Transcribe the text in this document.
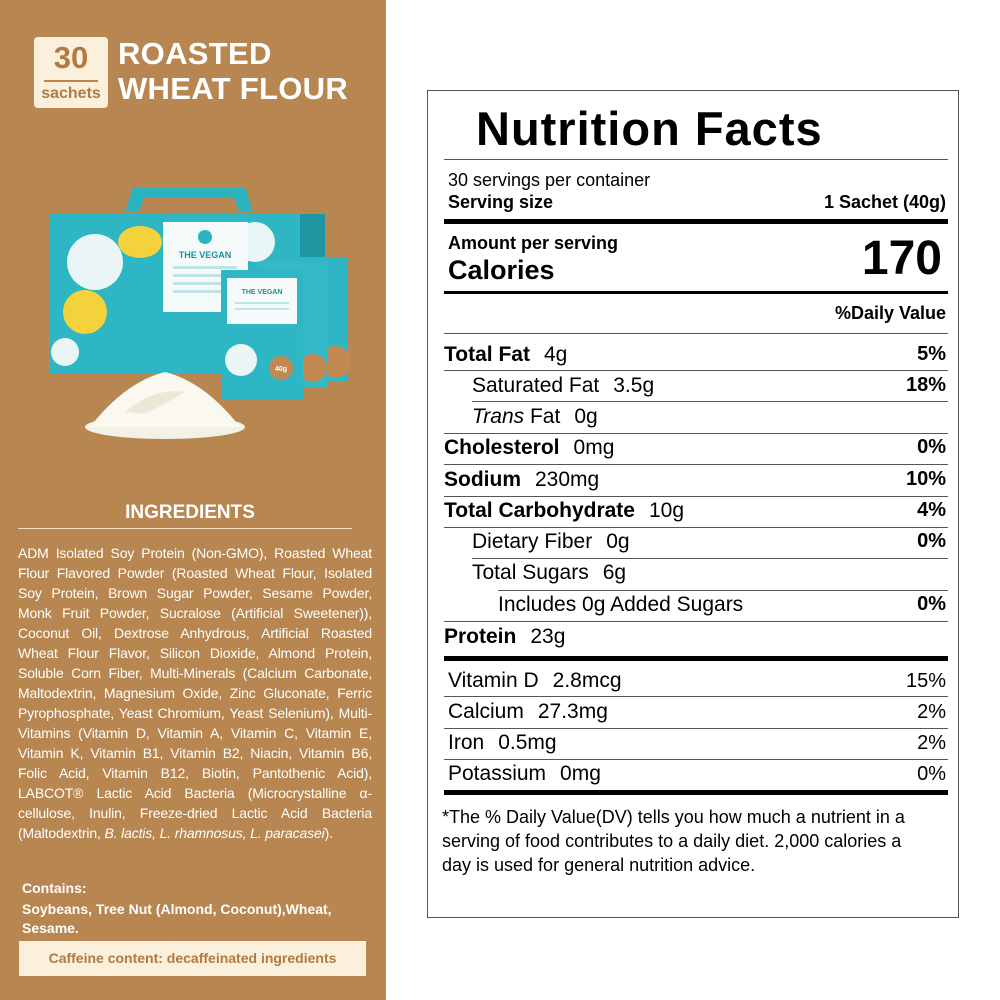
30
sachets
ROASTED
WHEAT FLOUR
THE VEGAN
THE VEGAN
40g
INGREDIENTS
ADM Isolated Soy Protein (Non-GMO), Roasted Wheat Flour Flavored Powder (Roasted Wheat Flour, Isolated Soy Protein, Brown Sugar Powder, Sesame Powder, Monk Fruit Powder, Sucralose (Artificial Sweetener)), Coconut Oil, Dextrose Anhydrous, Artificial Roasted Wheat Flour Flavor, Silicon Dioxide, Almond Protein, Soluble Corn Fiber, Multi-Minerals (Calcium Carbonate, Maltodextrin, Magnesium Oxide, Zinc Gluconate, Ferric Pyrophosphate, Yeast Chromium, Yeast Selenium), Multi-Vitamins (Vitamin D, Vitamin A, Vitamin C, Vitamin E, Vitamin K, Vitamin B1, Vitamin B2, Niacin, Vitamin B6, Folic Acid, Vitamin B12, Biotin, Pantothenic Acid), LABCOT® Lactic Acid Bacteria (Microcrystalline α-cellulose, Inulin, Freeze-dried Lactic Acid Bacteria (Maltodextrin, B. lactis, L. rhamnosus, L. paracasei).
Contains:
Soybeans, Tree Nut (Almond, Coconut),Wheat, Sesame.
Caffeine content: decaffeinated ingredients
Nutrition Facts
30 servings per container
Serving size	1 Sachet (40g)
Amount per serving
Calories	170
%Daily Value
Total Fat 4g	5%
Saturated Fat 3.5g	18%
Trans Fat 0g
Cholesterol 0mg	0%
Sodium 230mg	10%
Total Carbohydrate 10g	4%
Dietary Fiber 0g	0%
Total Sugars 6g
Includes 0g Added Sugars	0%
Protein 23g
Vitamin D 2.8mcg	15%
Calcium 27.3mg	2%
Iron 0.5mg	2%
Potassium 0mg	0%
*The % Daily Value(DV) tells you how much a nutrient in a serving of food contributes to a daily diet. 2,000 calories a day is used for general nutrition advice.
